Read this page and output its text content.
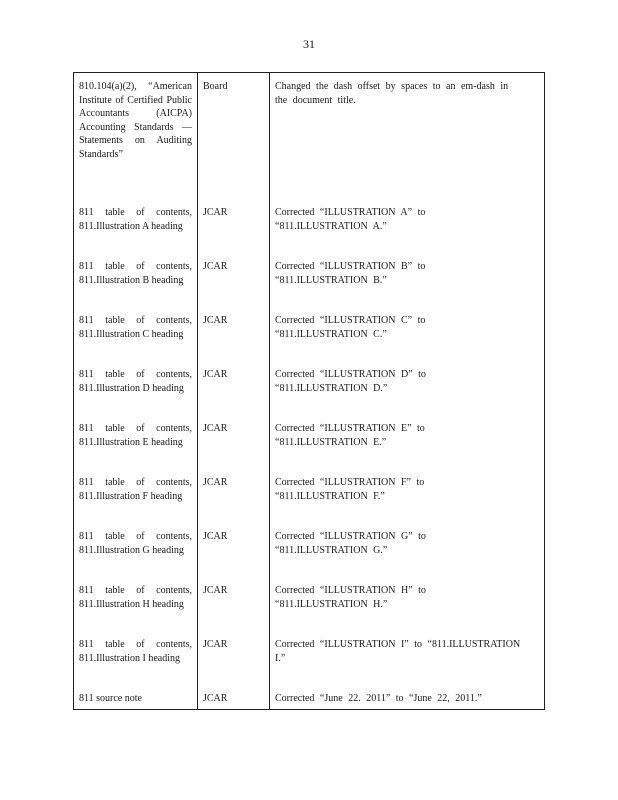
31
810.104(a)(2), “American Institute of Certified Public Accountants (AICPA) Accounting Standards — Statements on Auditing Standards”	Board	Changed the dash offset by spaces to an em-dash in the document title.
811 table of contents, 811.Illustration A heading	JCAR	Corrected “ILLUSTRATION A” to “811.ILLUSTRATION A.”
811 table of contents, 811.Illustration B heading	JCAR	Corrected “ILLUSTRATION B” to “811.ILLUSTRATION B.”
811 table of contents, 811.Illustration C heading	JCAR	Corrected “ILLUSTRATION C” to “811.ILLUSTRATION C.”
811 table of contents, 811.Illustration D heading	JCAR	Corrected “ILLUSTRATION D” to “811.ILLUSTRATION D.”
811 table of contents, 811.Illustration E heading	JCAR	Corrected “ILLUSTRATION E” to “811.ILLUSTRATION E.”
811 table of contents, 811.Illustration F heading	JCAR	Corrected “ILLUSTRATION F” to “811.ILLUSTRATION F.”
811 table of contents, 811.Illustration G heading	JCAR	Corrected “ILLUSTRATION G” to “811.ILLUSTRATION G.”
811 table of contents, 811.Illustration H heading	JCAR	Corrected “ILLUSTRATION H” to “811.ILLUSTRATION H.”
811 table of contents, 811.Illustration I heading	JCAR	Corrected “ILLUSTRATION I” to “811.ILLUSTRATION I.”
811 source note	JCAR	Corrected “June 22. 2011” to “June 22, 2011.”
